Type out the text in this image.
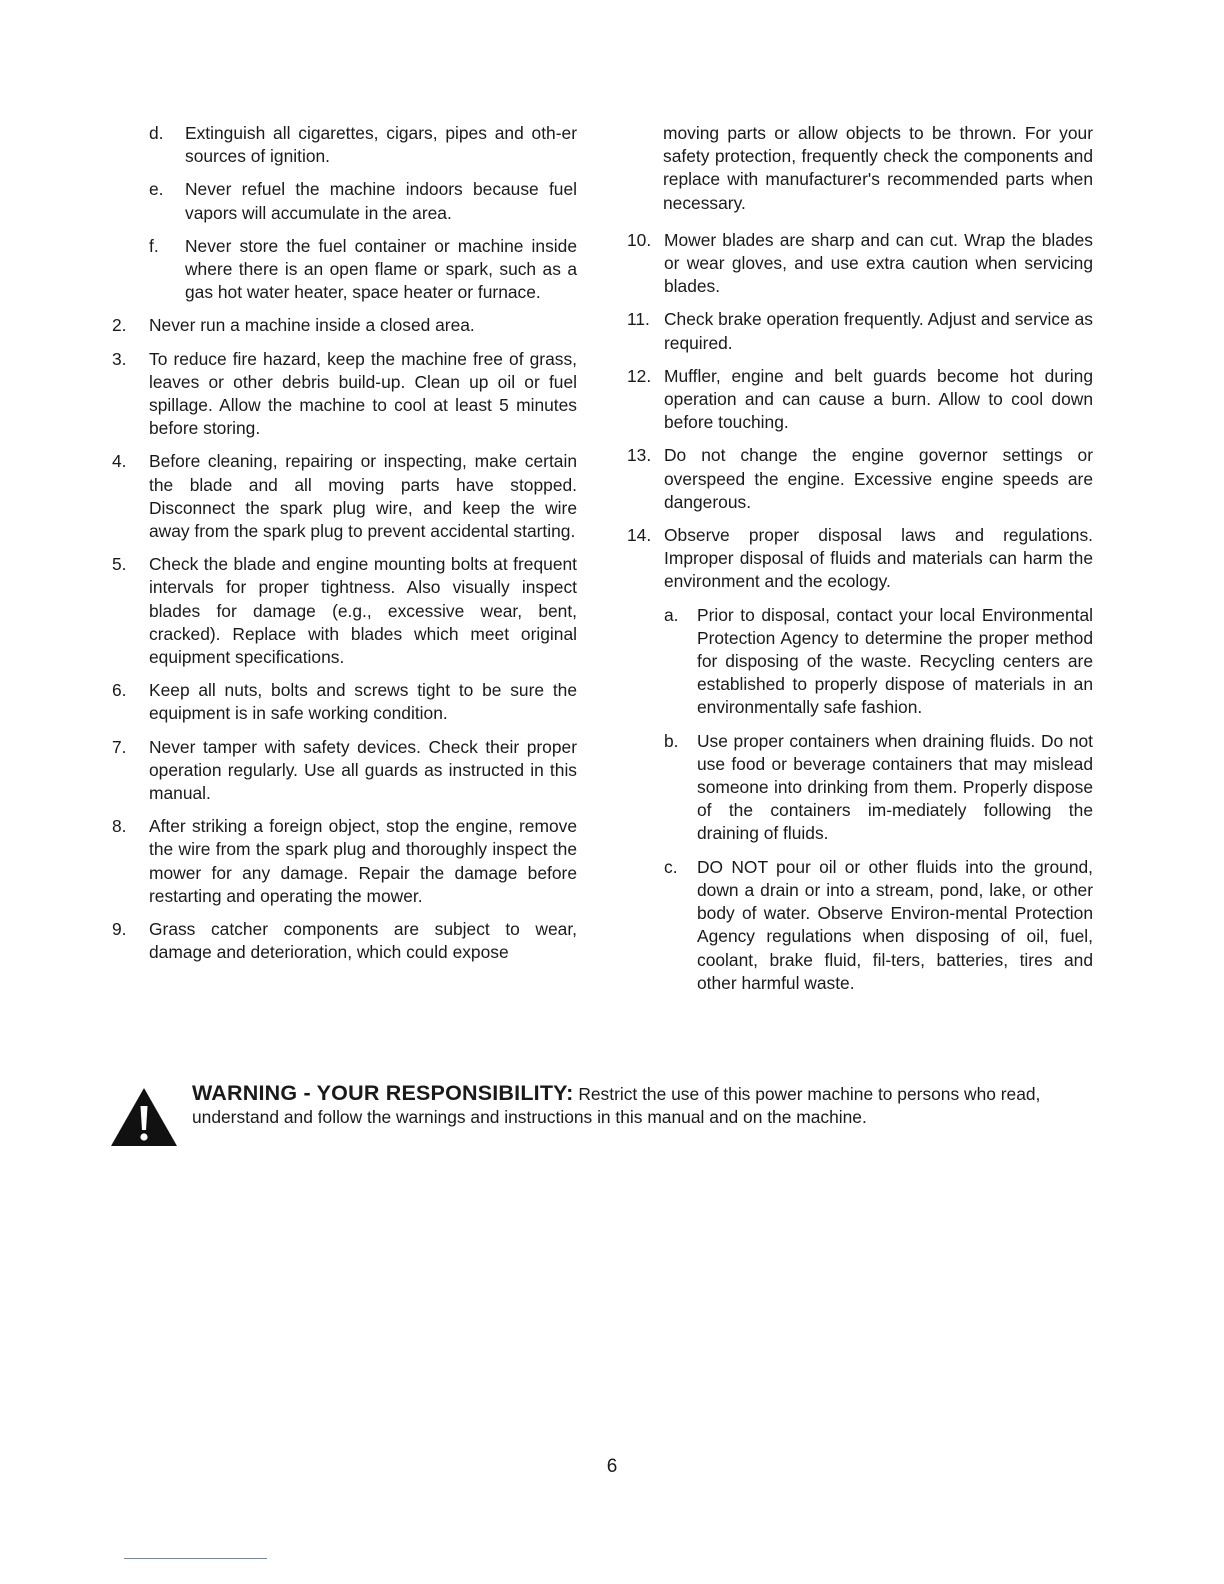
d.	Extinguish all cigarettes, cigars, pipes and oth-er sources of ignition.
e.	Never refuel the machine indoors because fuel vapors will accumulate in the area.
f.	Never store the fuel container or machine inside where there is an open flame or spark, such as a gas hot water heater, space heater or furnace.
2.	Never run a machine inside a closed area.
3.	To reduce fire hazard, keep the machine free of grass, leaves or other debris build-up. Clean up oil or fuel spillage. Allow the machine to cool at least 5 minutes before storing.
4.	Before cleaning, repairing or inspecting, make certain the blade and all moving parts have stopped. Disconnect the spark plug wire, and keep the wire away from the spark plug to prevent accidental starting.
5.	Check the blade and engine mounting bolts at frequent intervals for proper tightness. Also visually inspect blades for damage (e.g., excessive wear, bent, cracked). Replace with blades which meet original equipment specifications.
6.	Keep all nuts, bolts and screws tight to be sure the equipment is in safe working condition.
7.	Never tamper with safety devices. Check their proper operation regularly. Use all guards as instructed in this manual.
8.	After striking a foreign object, stop the engine, remove the wire from the spark plug and thoroughly inspect the mower for any damage. Repair the damage before restarting and operating the mower.
9.	Grass catcher components are subject to wear, damage and deterioration, which could expose
moving parts or allow objects to be thrown. For your safety protection, frequently check the components and replace with manufacturer's recommended parts when necessary.
10. Mower blades are sharp and can cut. Wrap the blades or wear gloves, and use extra caution when servicing blades.
11. Check brake operation frequently. Adjust and service as required.
12. Muffler, engine and belt guards become hot during operation and can cause a burn. Allow to cool down before touching.
13. Do not change the engine governor settings or overspeed the engine. Excessive engine speeds are dangerous.
14. Observe proper disposal laws and regulations. Improper disposal of fluids and materials can harm the environment and the ecology.
a.	Prior to disposal, contact your local Environmental Protection Agency to determine the proper method for disposing of the waste. Recycling centers are established to properly dispose of materials in an environmentally safe fashion.
b.	Use proper containers when draining fluids. Do not use food or beverage containers that may mislead someone into drinking from them. Properly dispose of the containers im-mediately following the draining of fluids.
c.	DO NOT pour oil or other fluids into the ground, down a drain or into a stream, pond, lake, or other body of water. Observe Environ-mental Protection Agency regulations when disposing of oil, fuel, coolant, brake fluid, fil-ters, batteries, tires and other harmful waste.
WARNING - YOUR RESPONSIBILITY: Restrict the use of this power machine to persons who read, understand and follow the warnings and instructions in this manual and on the machine.
6
